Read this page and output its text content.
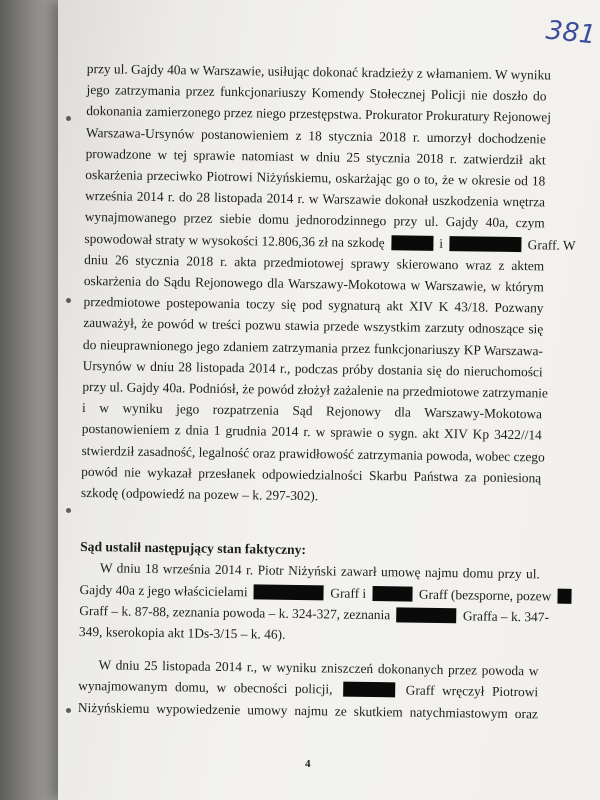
381

przy ul. Gajdy 40a w Warszawie, usiłując dokonać kradzieży z włamaniem. W wyniku
jego zatrzymania przez funkcjonariuszy Komendy Stołecznej Policji nie doszło do
dokonania zamierzonego przez niego przestępstwa. Prokurator Prokuratury Rejonowej
Warszawa-Ursynów postanowieniem z 18 stycznia 2018 r. umorzył dochodzenie
prowadzone w tej sprawie natomiast w dniu 25 stycznia 2018 r. zatwierdził akt
oskarżenia przeciwko Piotrowi Niżyńskiemu, oskarżając go o to, że w okresie od 18
września 2014 r. do 28 listopada 2014 r. w Warszawie dokonał uszkodzenia wnętrza
wynajmowanego przez siebie domu jednorodzinnego przy ul. Gajdy 40a, czym
spowodował straty w wysokości 12.806,36 zł na szkodę	i	Graff. W
dniu 26 stycznia 2018 r. akta przedmiotowej sprawy skierowano wraz z aktem
oskarżenia do Sądu Rejonowego dla Warszawy-Mokotowa w Warszawie, w którym
przedmiotowe postepowania toczy się pod sygnaturą akt XIV K 43/18. Pozwany
zauważył, że powód w treści pozwu stawia przede wszystkim zarzuty odnoszące się
do nieuprawnionego jego zdaniem zatrzymania przez funkcjonariuszy KP Warszawa-
Ursynów w dniu 28 listopada 2014 r., podczas próby dostania się do nieruchomości
przy ul. Gajdy 40a. Podniósł, że powód złożył zażalenie na przedmiotowe zatrzymanie
i w wyniku jego rozpatrzenia Sąd Rejonowy dla Warszawy-Mokotowa
postanowieniem z dnia 1 grudnia 2014 r. w sprawie o sygn. akt XIV Kp 3422//14
stwierdził zasadność, legalność oraz prawidłowość zatrzymania powoda, wobec czego
powód nie wykazał przesłanek odpowiedzialności Skarbu Państwa za poniesioną
szkodę (odpowiedź na pozew – k. 297-302).

Sąd ustalił następujący stan faktyczny:

W dniu 18 września 2014 r. Piotr Niżyński zawarł umowę najmu domu przy ul.
Gajdy 40a z jego właścicielami	Graff i	Graff (bezsporne, pozew
Graff – k. 87-88, zeznania powoda – k. 324-327, zeznania	Graffa – k. 347-
349, kserokopia akt 1Ds-3/15 – k. 46).

W dniu 25 listopada 2014 r., w wyniku zniszczeń dokonanych przez powoda w
wynajmowanym domu, w obecności policji,	Graff wręczył Piotrowi
Niżyńskiemu wypowiedzenie umowy najmu ze skutkiem natychmiastowym oraz

4
